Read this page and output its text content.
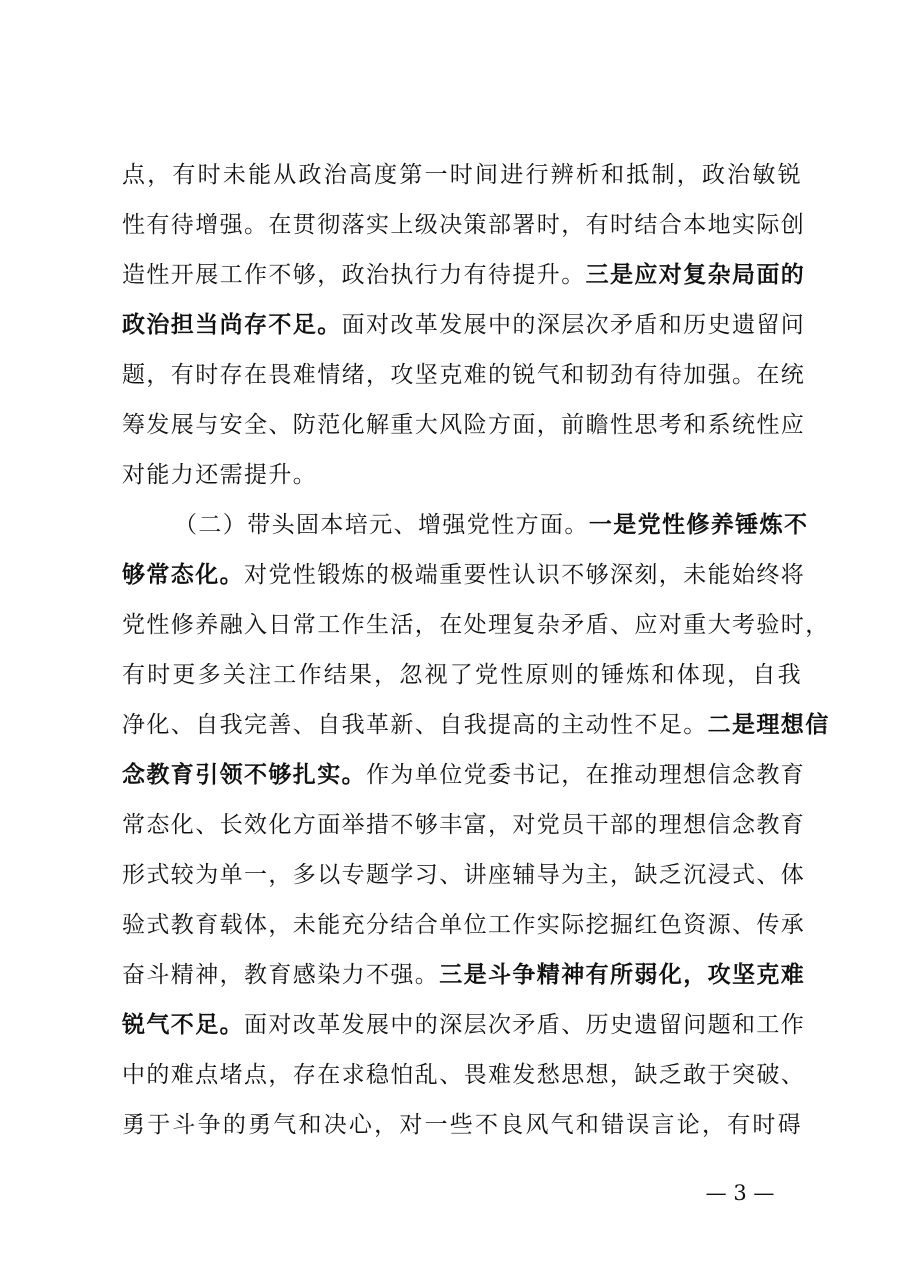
点，有时未能从政治高度第一时间进行辨析和抵制，政治敏锐
性有待增强。在贯彻落实上级决策部署时，有时结合本地实际创
造性开展工作不够，政治执行力有待提升。三是应对复杂局面的
政治担当尚存不足。面对改革发展中的深层次矛盾和历史遗留问
题，有时存在畏难情绪，攻坚克难的锐气和韧劲有待加强。在统
筹发展与安全、防范化解重大风险方面，前瞻性思考和系统性应
对能力还需提升。
（二）带头固本培元、增强党性方面。一是党性修养锤炼不
够常态化。对党性锻炼的极端重要性认识不够深刻，未能始终将
党性修养融入日常工作生活，在处理复杂矛盾、应对重大考验时，
有时更多关注工作结果，忽视了党性原则的锤炼和体现，自我
净化、自我完善、自我革新、自我提高的主动性不足。二是理想信
念教育引领不够扎实。作为单位党委书记，在推动理想信念教育
常态化、长效化方面举措不够丰富，对党员干部的理想信念教育
形式较为单一，多以专题学习、讲座辅导为主，缺乏沉浸式、体
验式教育载体，未能充分结合单位工作实际挖掘红色资源、传承
奋斗精神，教育感染力不强。三是斗争精神有所弱化，攻坚克难
锐气不足。面对改革发展中的深层次矛盾、历史遗留问题和工作
中的难点堵点，存在求稳怕乱、畏难发愁思想，缺乏敢于突破、
勇于斗争的勇气和决心，对一些不良风气和错误言论，有时碍
— 3 —
